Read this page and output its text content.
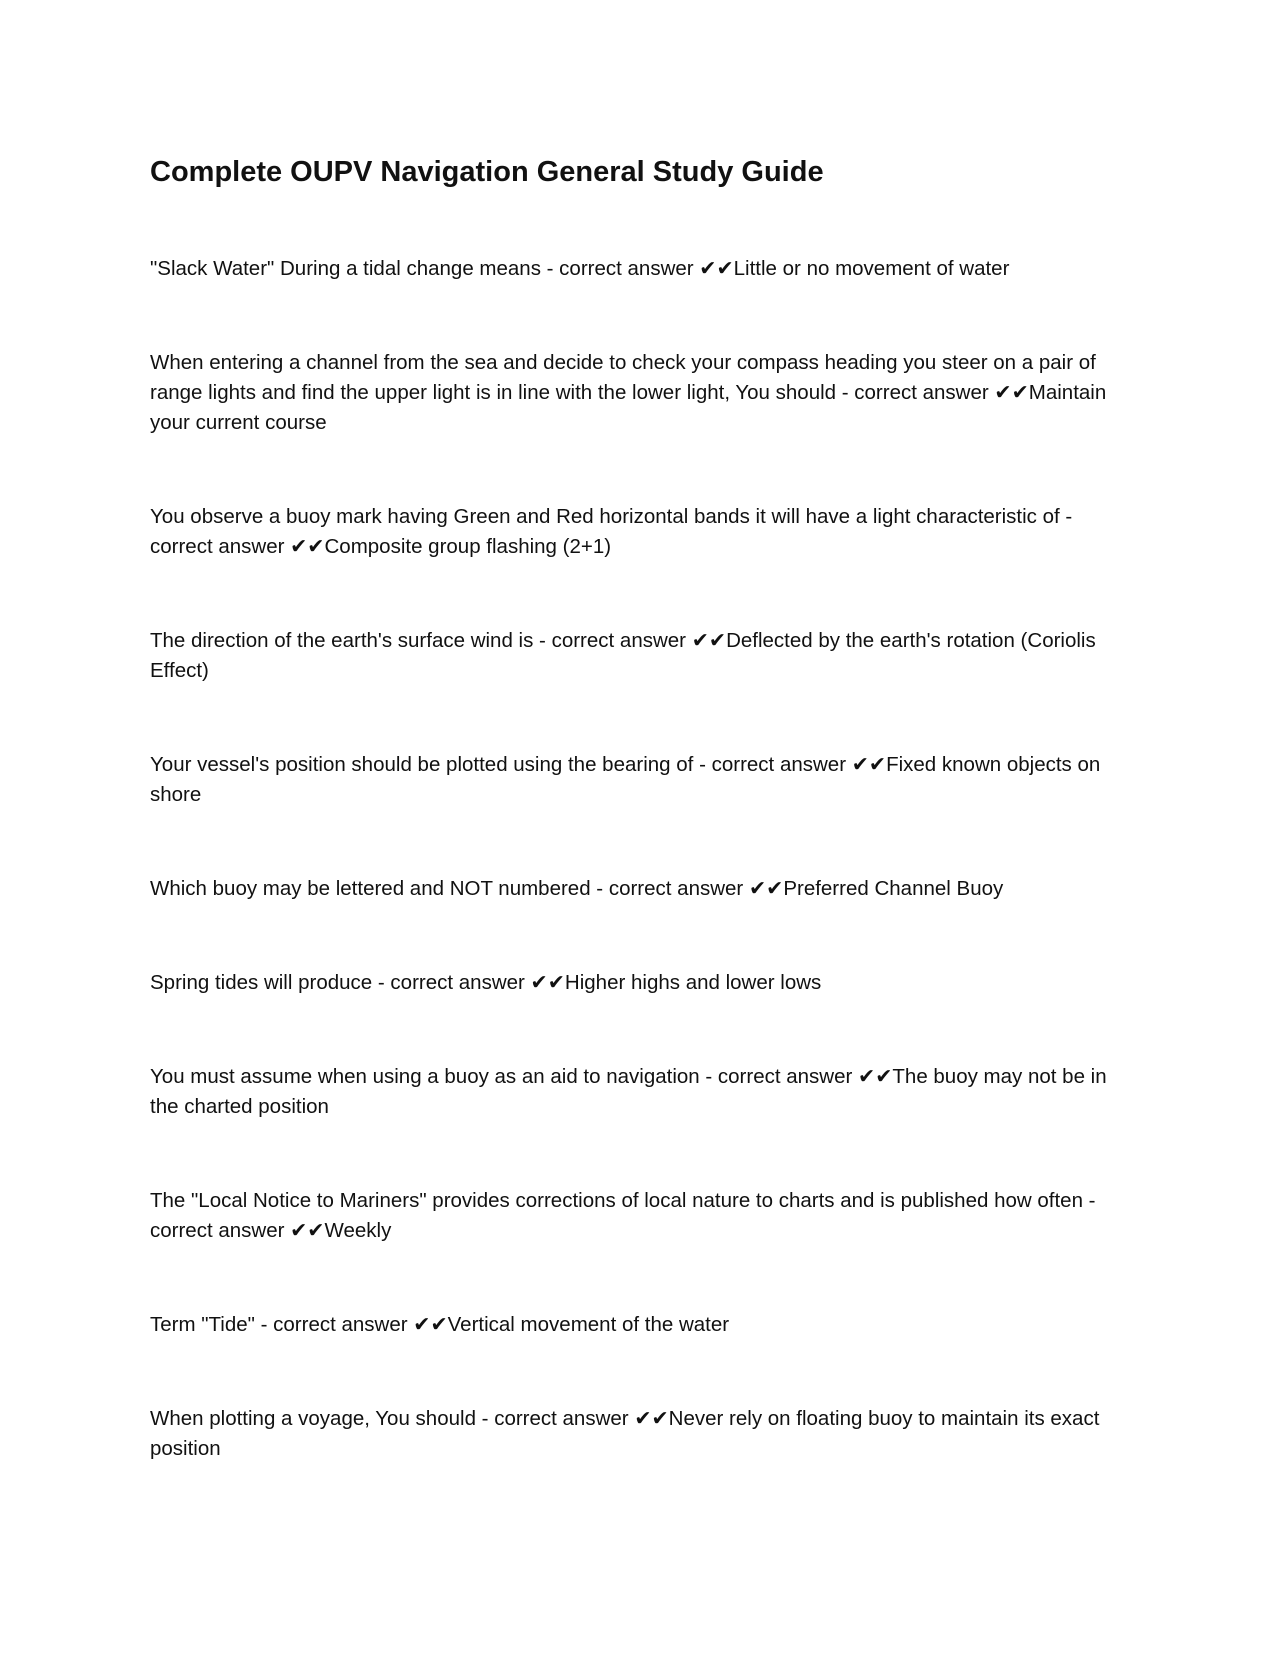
Complete OUPV Navigation General Study Guide

"Slack Water" During a tidal change means - correct answer ✔✔Little or no movement of water

When entering a channel from the sea and decide to check your compass heading you steer on a pair of range lights and find the upper light is in line with the lower light, You should - correct answer ✔✔Maintain your current course

You observe a buoy mark having Green and Red horizontal bands it will have a light characteristic of - correct answer ✔✔Composite group flashing (2+1)

The direction of the earth's surface wind is - correct answer ✔✔Deflected by the earth's rotation (Coriolis Effect)

Your vessel's position should be plotted using the bearing of - correct answer ✔✔Fixed known objects on shore

Which buoy may be lettered and NOT numbered - correct answer ✔✔Preferred Channel Buoy

Spring tides will produce - correct answer ✔✔Higher highs and lower lows

You must assume when using a buoy as an aid to navigation - correct answer ✔✔The buoy may not be in the charted position

The "Local Notice to Mariners" provides corrections of local nature to charts and is published how often - correct answer ✔✔Weekly

Term "Tide" - correct answer ✔✔Vertical movement of the water

When plotting a voyage, You should - correct answer ✔✔Never rely on floating buoy to maintain its exact position
